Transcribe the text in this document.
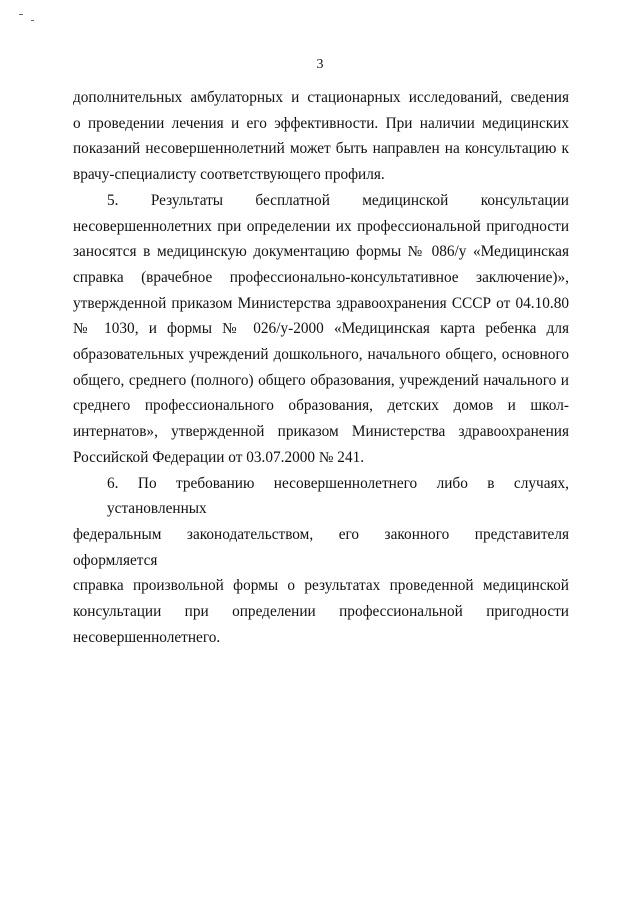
3
дополнительных амбулаторных и стационарных исследований, сведения
о проведении лечения и его эффективности. При наличии медицинских
показаний несовершеннолетний может быть направлен на консультацию к
врачу-специалисту соответствующего профиля.
5. Результаты бесплатной медицинской консультации
несовершеннолетних при определении их профессиональной пригодности
заносятся в медицинскую документацию формы № 086/у «Медицинская
справка (врачебное профессионально-консультативное заключение)»,
утвержденной приказом Министерства здравоохранения СССР от 04.10.80
№ 1030, и формы № 026/у-2000 «Медицинская карта ребенка для
образовательных учреждений дошкольного, начального общего, основного
общего, среднего (полного) общего образования, учреждений начального и
среднего профессионального образования, детских домов и школ-
интернатов», утвержденной приказом Министерства здравоохранения
Российской Федерации от 03.07.2000 № 241.
6. По требованию несовершеннолетнего либо в случаях, установленных
федеральным законодательством, его законного представителя оформляется
справка произвольной формы о результатах проведенной медицинской
консультации при определении профессиональной пригодности
несовершеннолетнего.
